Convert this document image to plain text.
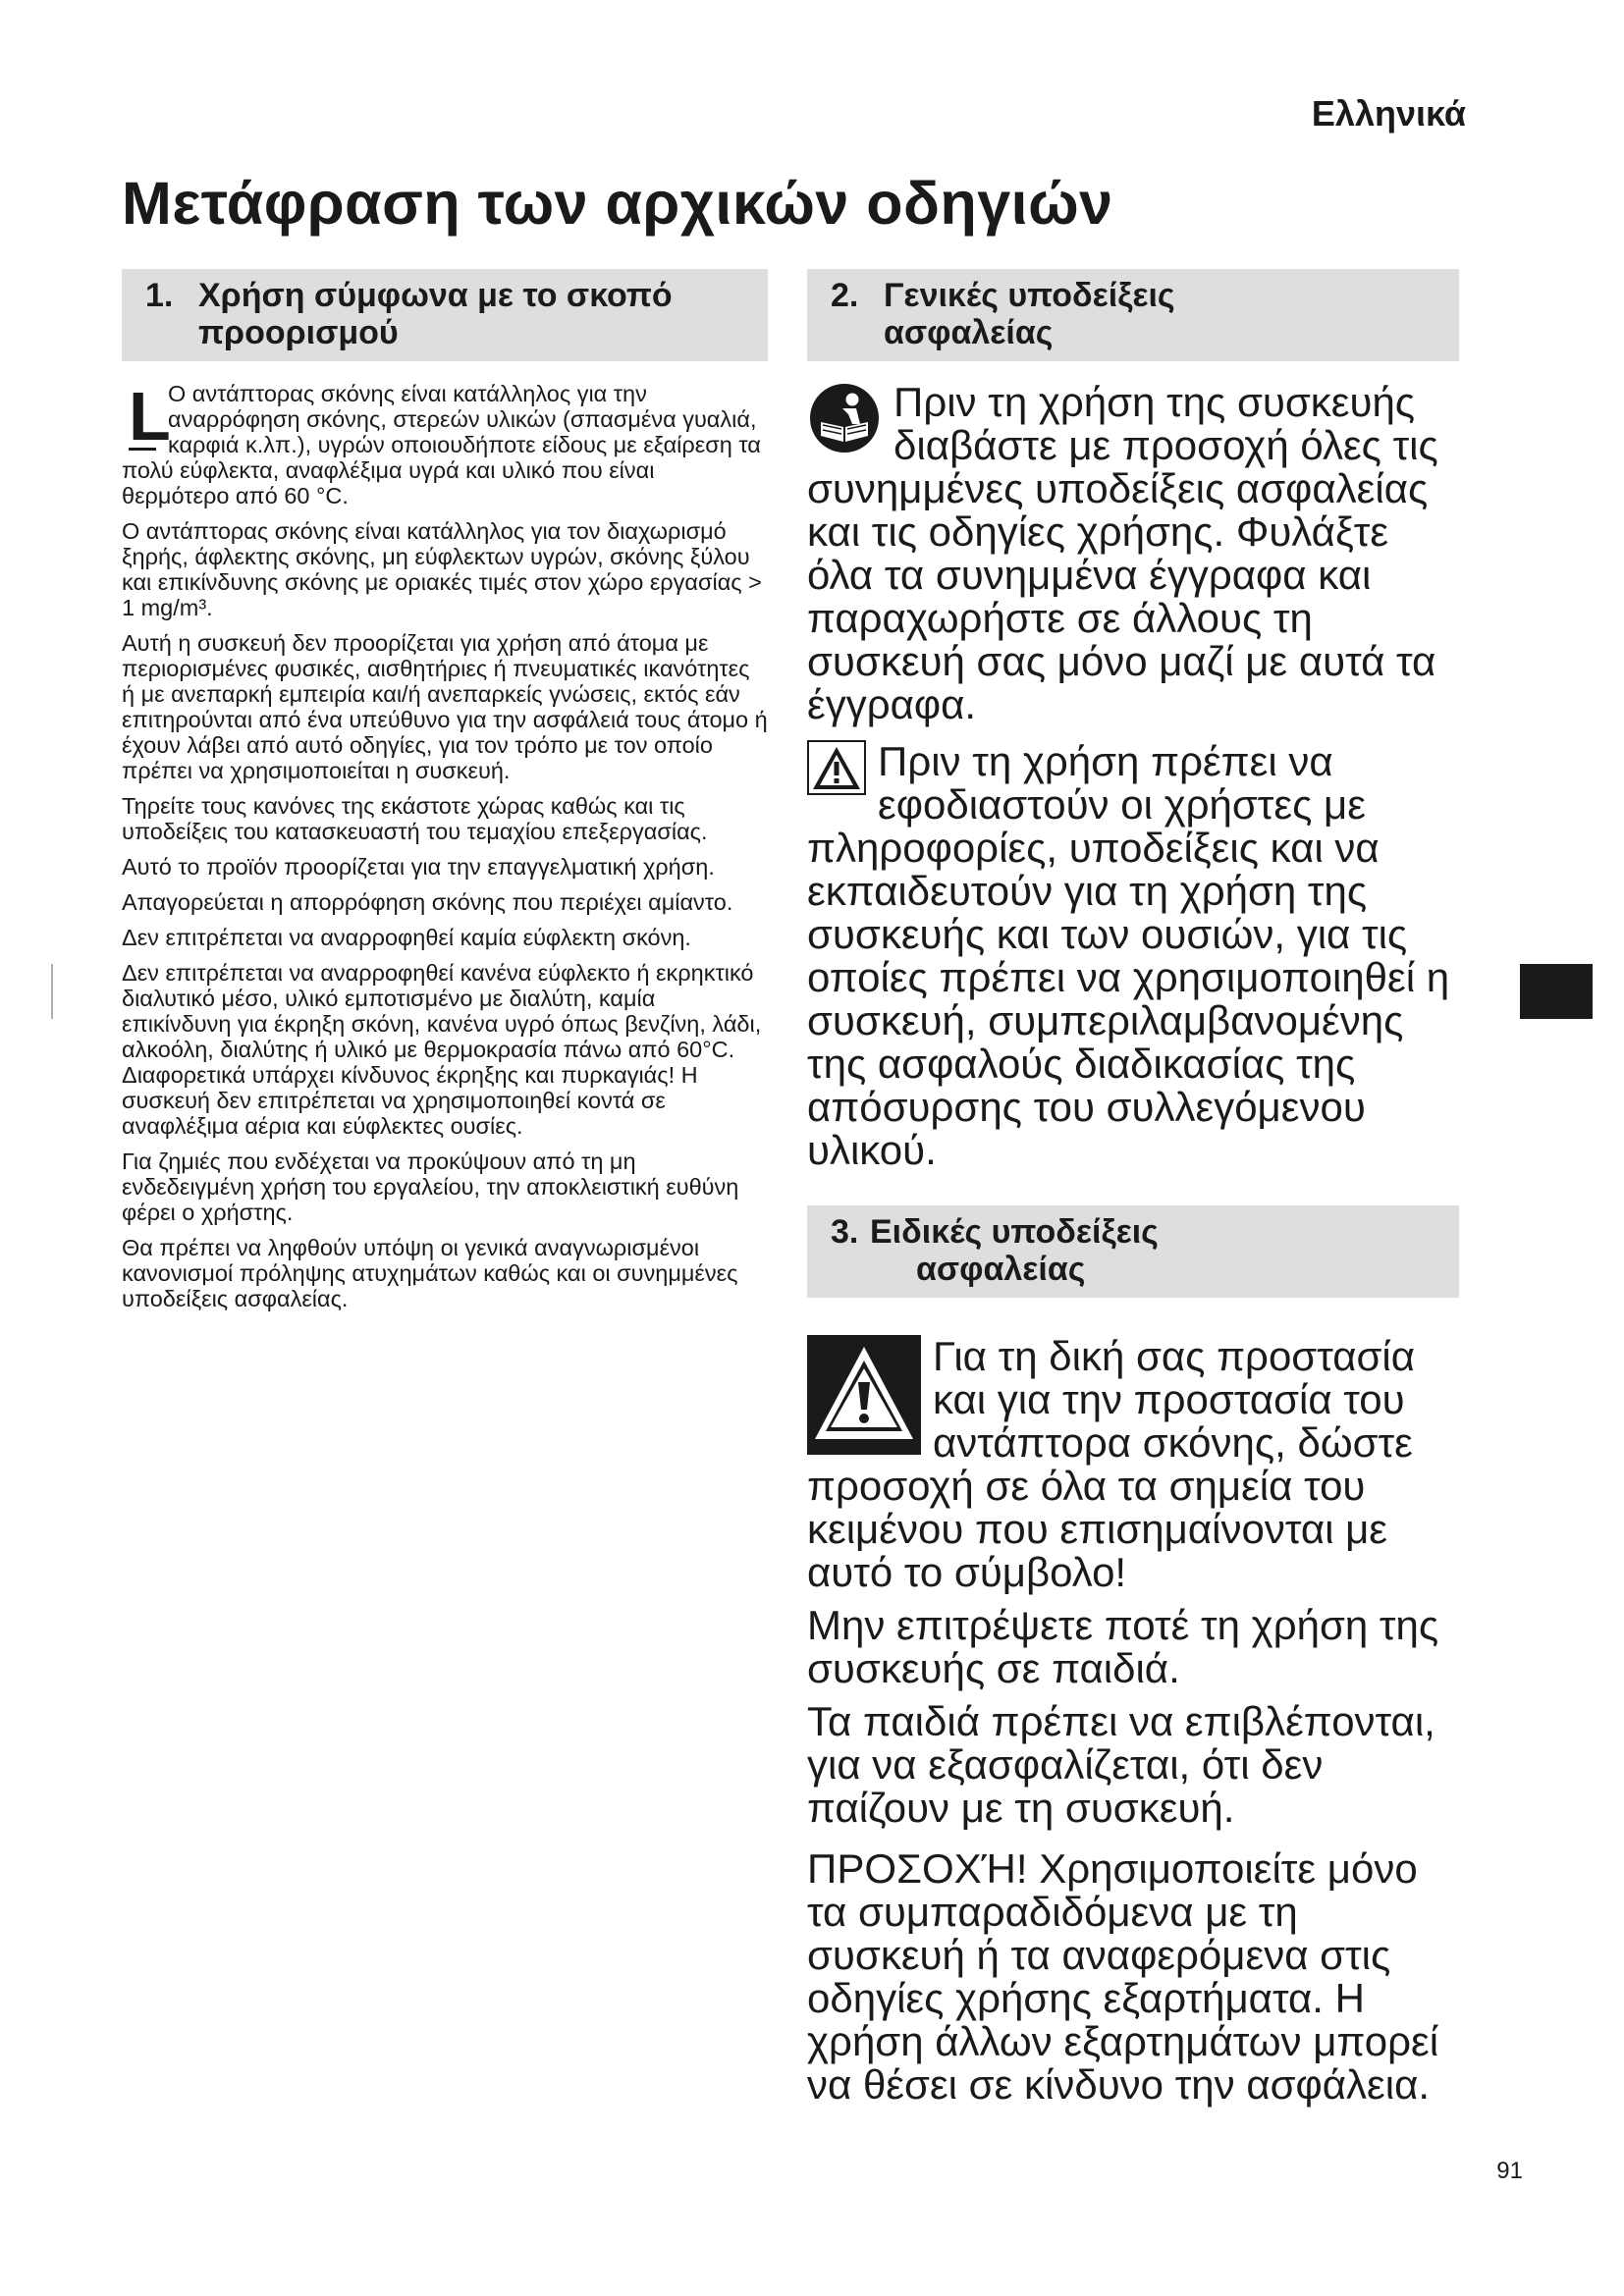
Ελληνικά
Μετάφραση των αρχικών οδηγιών
1. Χρήση σύμφωνα με το σκοπό
προορισμού

L
Ο αντάπτορας σκόνης είναι κατάλληλος για την αναρρόφηση σκόνης, στερεών υλικών (σπασμένα γυαλιά, καρφιά κ.λπ.), υγρών οποιουδήποτε είδους με εξαίρεση τα πολύ εύφλεκτα, αναφλέξιμα υγρά και υλικό που είναι θερμότερο από 60 °C.

Ο αντάπτορας σκόνης είναι κατάλληλος για τον διαχωρισμό ξηρής, άφλεκτης σκόνης, μη εύφλεκτων υγρών, σκόνης ξύλου και επικίνδυνης σκόνης με οριακές τιμές στον χώρο εργασίας > 1 mg/m³.

Αυτή η συσκευή δεν προορίζεται για χρήση από άτομα με περιορισμένες φυσικές, αισθητήριες ή πνευματικές ικανότητες ή με ανεπαρκή εμπειρία και/ή ανεπαρκείς γνώσεις, εκτός εάν επιτηρούνται από ένα υπεύθυνο για την ασφάλειά τους άτομο ή έχουν λάβει από αυτό οδηγίες, για τον τρόπο με τον οποίο πρέπει να χρησιμοποιείται η συσκευή.

Τηρείτε τους κανόνες της εκάστοτε χώρας καθώς και τις υποδείξεις του κατασκευαστή του τεμαχίου επεξεργασίας.

Αυτό το προϊόν προορίζεται για την επαγγελματική χρήση.

Απαγορεύεται η απορρόφηση σκόνης που περιέχει αμίαντο.

Δεν επιτρέπεται να αναρροφηθεί καμία εύφλεκτη σκόνη.

Δεν επιτρέπεται να αναρροφηθεί κανένα εύφλεκτο ή εκρηκτικό διαλυτικό μέσο, υλικό εμποτισμένο με διαλύτη, καμία επικίνδυνη για έκρηξη σκόνη, κανένα υγρό όπως βενζίνη, λάδι, αλκοόλη, διαλύτης ή υλικό με θερμοκρασία πάνω από 60°C. Διαφορετικά υπάρχει κίνδυνος έκρηξης και πυρκαγιάς! Η συσκευή δεν επιτρέπεται να χρησιμοποιηθεί κοντά σε αναφλέξιμα αέρια και εύφλεκτες ουσίες.

Για ζημιές που ενδέχεται να προκύψουν από τη μη ενδεδειγμένη χρήση του εργαλείου, την αποκλειστική ευθύνη φέρει ο χρήστης.

Θα πρέπει να ληφθούν υπόψη οι γενικά αναγνωρισμένοι κανονισμοί πρόληψης ατυχημάτων καθώς και οι συνημμένες υποδείξεις ασφαλείας.

2. Γενικές υποδείξεις
ασφαλείας

Πριν τη χρήση της συσκευής διαβάστε με προσοχή όλες τις συνημμένες υποδείξεις ασφαλείας και τις οδηγίες χρήσης. Φυλάξτε όλα τα συνημμένα έγγραφα και παραχωρήστε σε άλλους τη συσκευή σας μόνο μαζί με αυτά τα έγγραφα.

Πριν τη χρήση πρέπει να εφοδιαστούν οι χρήστες με πληροφορίες, υποδείξεις και να εκπαιδευτούν για τη χρήση της συσκευής και των ουσιών, για τις οποίες πρέπει να χρησιμοποιηθεί η συσκευή, συμπεριλαμβανομένης της ασφαλούς διαδικασίας της απόσυρσης του συλλεγόμενου υλικού.

3. Ειδικές υποδείξεις
ασφαλείας

Για τη δική σας προστασία και για την προστασία του αντάπτορα σκόνης, δώστε προσοχή σε όλα τα σημεία του κειμένου που επισημαίνονται με αυτό το σύμβολο!

Μην επιτρέψετε ποτέ τη χρήση της συσκευής σε παιδιά.

Τα παιδιά πρέπει να επιβλέπονται, για να εξασφαλίζεται, ότι δεν παίζουν με τη συσκευή.

ΠΡΟΣΟΧΉ! Χρησιμοποιείτε μόνο τα συμπαραδιδόμενα με τη συσκευή ή τα αναφερόμενα στις οδηγίες χρήσης εξαρτήματα. Η χρήση άλλων εξαρτημάτων μπορεί να θέσει σε κίνδυνο την ασφάλεια.

91
